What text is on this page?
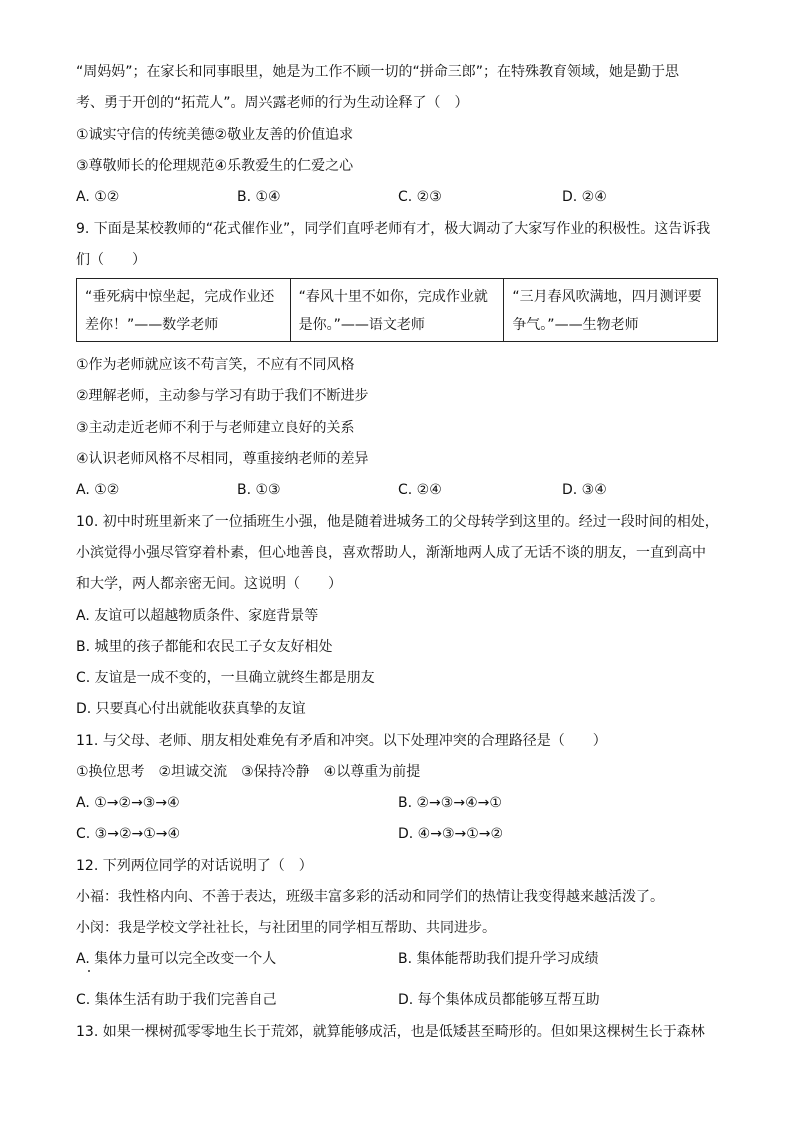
“周妈妈”；在家长和同事眼里，她是为工作不顾一切的“拼命三郎”；在特殊教育领域，她是勤于思
考、勇于开创的“拓荒人”。周兴露老师的行为生动诠释了（　）
①诚实守信的传统美德②敬业友善的价值追求
③尊敬师长的伦理规范④乐教爱生的仁爱之心
A. ①②	B. ①④	C. ②③	D. ②④
9. 下面是某校教师的“花式催作业”，同学们直呼老师有才，极大调动了大家写作业的积极性。这告诉我
们（　　）
“垂死病中惊坐起，完成作业还差你！”——数学老师	“春风十里不如你，完成作业就是你。”——语文老师	“三月春风吹满地，四月测评要争气。”——生物老师
①作为老师就应该不苟言笑，不应有不同风格
②理解老师，主动参与学习有助于我们不断进步
③主动走近老师不利于与老师建立良好的关系
④认识老师风格不尽相同，尊重接纳老师的差异
A. ①②	B. ①③	C. ②④	D. ③④
10. 初中时班里新来了一位插班生小强，他是随着进城务工的父母转学到这里的。经过一段时间的相处，
小滨觉得小强尽管穿着朴素，但心地善良，喜欢帮助人，渐渐地两人成了无话不谈的朋友，一直到高中
和大学，两人都亲密无间。这说明（　　）
A. 友谊可以超越物质条件、家庭背景等
B. 城里的孩子都能和农民工子女友好相处
C. 友谊是一成不变的，一旦确立就终生都是朋友
D. 只要真心付出就能收获真挚的友谊
11. 与父母、老师、朋友相处难免有矛盾和冲突。以下处理冲突的合理路径是（　　）
①换位思考　②坦诚交流　③保持冷静　④以尊重为前提
A. ①→②→③→④	B. ②→③→④→①
C. ③→②→①→④	D. ④→③→①→②
12. 下列两位同学的对话说明了（　）
小福：我性格内向、不善于表达，班级丰富多彩的活动和同学们的热情让我变得越来越活泼了。
小闵：我是学校文学社社长，与社团里的同学相互帮助、共同进步。
A. 集体力量可以完全改变一个人	B. 集体能帮助我们提升学习成绩
C. 集体生活有助于我们完善自己	D. 每个集体成员都能够互帮互助
13. 如果一棵树孤零零地生长于荒郊，就算能够成活，也是低矮甚至畸形的。但如果这棵树生长于森林
